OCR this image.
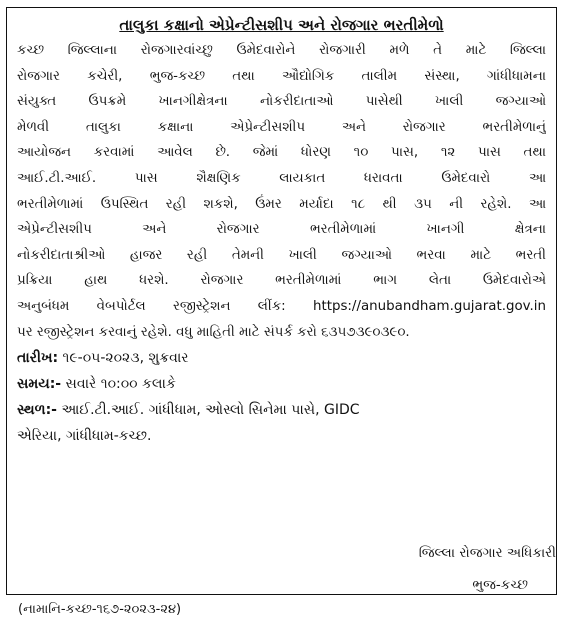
તાલુકા કક્ષાનો એપ્રેન્ટીસશીપ અને રોજગાર ભરતીમેળો
કચ્છ જિલ્લાના રોજગારવાંચ્છુ ઉમેદવારોને રોજગારી મળે તે માટે જિલ્લા
રોજગાર કચેરી, ભુજ-કચ્છ તથા ઔદ્યોગિક તાલીમ સંસ્થા, ગાંધીધામના
સંયુક્ત ઉપક્રમે ખાનગીક્ષેત્રના નોકરીદાતાઓ પાસેથી ખાલી જગ્યાઓ
મેળવી તાલુકા કક્ષાના એપ્રેન્ટીસશીપ અને રોજગાર ભરતીમેળાનું
આયોજન કરવામાં આવેલ છે. જેમાં ધોરણ ૧૦ પાસ, ૧૨ પાસ તથા
આઈ.ટી.આઈ. પાસ શૈક્ષણિક લાયકાત ધરાવતા ઉમેદવારો આ
ભરતીમેળામાં ઉપસ્થિત રહી શકશે, ઉંમર મર્યાદા ૧૮ થી ૩૫ ની રહેશે. આ
એપ્રેન્ટીસશીપ અને રોજગાર ભરતીમેળામાં ખાનગી ક્ષેત્રના
નોકરીદાતાશ્રીઓ હાજર રહી તેમની ખાલી જગ્યાઓ ભરવા માટે ભરતી
પ્રક્રિયા હાથ ધરશે. રોજગાર ભરતીમેળામાં ભાગ લેતા ઉમેદવારોએ
અનુબંધમ વેબપોર્ટલ રજીસ્ટ્રેશન લીંક: https://anubandham.gujarat.gov.in
પર રજીસ્ટ્રેશન કરવાનું રહેશે. વધુ માહિતી માટે સંપર્ક કરો ૬૩૫૭૩૯૦૩૯૦.
તારીખ: ૧૯-૦૫-૨૦૨૩, શુક્રવાર
સમય:- સવારે ૧૦:૦૦ કલાકે
સ્થળ:- આઈ.ટી.આઈ. ગાંધીધામ, ઓસ્લો સિનેમા પાસે, GIDC
એરિયા, ગાંધીધામ-કચ્છ.
જિલ્લા રોજગાર અધિકારી
ભુજ-કચ્છ
(નામાનિ-કચ્છ-૧૬૭-૨૦૨૩-૨૪)
